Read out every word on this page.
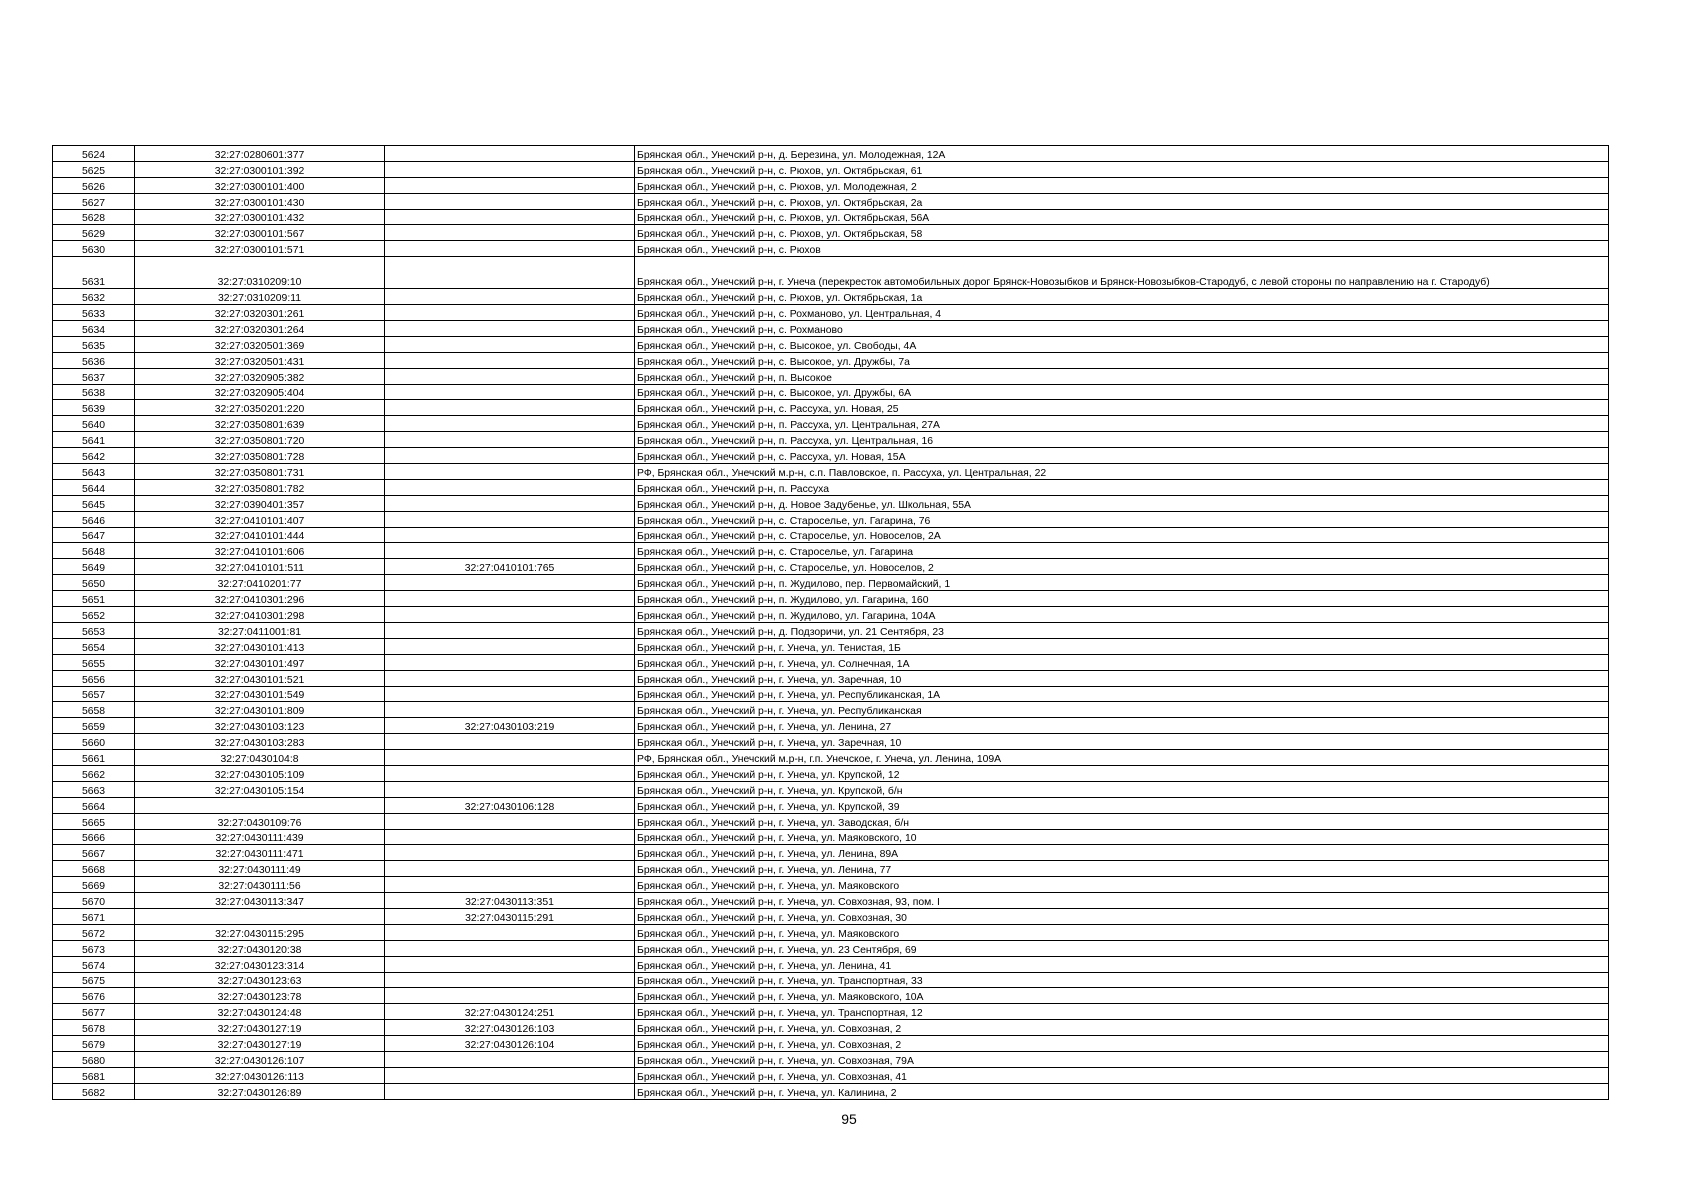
5624	32:27:0280601:377		Брянская обл., Унечский р-н, д. Березина, ул. Молодежная, 12А
5625	32:27:0300101:392		Брянская обл., Унечский р-н, с. Рюхов, ул. Октябрьская, 61
5626	32:27:0300101:400		Брянская обл., Унечский р-н, с. Рюхов, ул. Молодежная, 2
5627	32:27:0300101:430		Брянская обл., Унечский р-н, с. Рюхов, ул. Октябрьская, 2а
5628	32:27:0300101:432		Брянская обл., Унечский р-н, с. Рюхов, ул. Октябрьская, 56А
5629	32:27:0300101:567		Брянская обл., Унечский р-н, с. Рюхов, ул. Октябрьская, 58
5630	32:27:0300101:571		Брянская обл., Унечский р-н, с. Рюхов
5631	32:27:0310209:10		Брянская обл., Унечский р-н, г. Унеча (перекресток автомобильных дорог Брянск-Новозыбков и Брянск-Новозыбков-Стародуб, с левой стороны по направлению на г. Стародуб)
5632	32:27:0310209:11		Брянская обл., Унечский р-н, с. Рюхов, ул. Октябрьская, 1а
5633	32:27:0320301:261		Брянская обл., Унечский р-н, с. Рохманово, ул. Центральная, 4
5634	32:27:0320301:264		Брянская обл., Унечский р-н, с. Рохманово
5635	32:27:0320501:369		Брянская обл., Унечский р-н, с. Высокое, ул. Свободы, 4А
5636	32:27:0320501:431		Брянская обл., Унечский р-н, с. Высокое, ул. Дружбы, 7а
5637	32:27:0320905:382		Брянская обл., Унечский р-н, п. Высокое
5638	32:27:0320905:404		Брянская обл., Унечский р-н, с. Высокое, ул. Дружбы, 6А
5639	32:27:0350201:220		Брянская обл., Унечский р-н, с. Рассуха, ул. Новая, 25
5640	32:27:0350801:639		Брянская обл., Унечский р-н, п. Рассуха, ул. Центральная, 27А
5641	32:27:0350801:720		Брянская обл., Унечский р-н, п. Рассуха, ул. Центральная, 16
5642	32:27:0350801:728		Брянская обл., Унечский р-н, с. Рассуха, ул. Новая, 15А
5643	32:27:0350801:731		РФ, Брянская обл., Унечский м.р-н, с.п. Павловское, п. Рассуха, ул. Центральная, 22
5644	32:27:0350801:782		Брянская обл., Унечский р-н, п. Рассуха
5645	32:27:0390401:357		Брянская обл., Унечский р-н, д. Новое Задубенье, ул. Школьная, 55А
5646	32:27:0410101:407		Брянская обл., Унечский р-н, с. Староселье, ул. Гагарина, 76
5647	32:27:0410101:444		Брянская обл., Унечский р-н, с. Староселье, ул. Новоселов, 2А
5648	32:27:0410101:606		Брянская обл., Унечский р-н, с. Староселье, ул. Гагарина
5649	32:27:0410101:511	32:27:0410101:765	Брянская обл., Унечский р-н, с. Староселье, ул. Новоселов, 2
5650	32:27:0410201:77		Брянская обл., Унечский р-н, п. Жудилово, пер. Первомайский, 1
5651	32:27:0410301:296		Брянская обл., Унечский р-н, п. Жудилово, ул. Гагарина, 160
5652	32:27:0410301:298		Брянская обл., Унечский р-н, п. Жудилово, ул. Гагарина, 104А
5653	32:27:0411001:81		Брянская обл., Унечский р-н, д. Подзоричи, ул. 21 Сентября, 23
5654	32:27:0430101:413		Брянская обл., Унечский р-н, г. Унеча, ул. Тенистая, 1Б
5655	32:27:0430101:497		Брянская обл., Унечский р-н, г. Унеча, ул. Солнечная, 1А
5656	32:27:0430101:521		Брянская обл., Унечский р-н, г. Унеча, ул. Заречная, 10
5657	32:27:0430101:549		Брянская обл., Унечский р-н, г. Унеча, ул. Республиканская, 1А
5658	32:27:0430101:809		Брянская обл., Унечский р-н, г. Унеча, ул. Республиканская
5659	32:27:0430103:123	32:27:0430103:219	Брянская обл., Унечский р-н, г. Унеча, ул. Ленина, 27
5660	32:27:0430103:283		Брянская обл., Унечский р-н, г. Унеча, ул. Заречная, 10
5661	32:27:0430104:8		РФ, Брянская обл., Унечский м.р-н, г.п. Унечское, г. Унеча, ул. Ленина, 109А
5662	32:27:0430105:109		Брянская обл., Унечский р-н, г. Унеча, ул. Крупской, 12
5663	32:27:0430105:154		Брянская обл., Унечский р-н, г. Унеча, ул. Крупской, б/н
5664		32:27:0430106:128	Брянская обл., Унечский р-н, г. Унеча, ул. Крупской, 39
5665	32:27:0430109:76		Брянская обл., Унечский р-н, г. Унеча, ул. Заводская, б/н
5666	32:27:0430111:439		Брянская обл., Унечский р-н, г. Унеча, ул. Маяковского, 10
5667	32:27:0430111:471		Брянская обл., Унечский р-н, г. Унеча, ул. Ленина, 89А
5668	32:27:0430111:49		Брянская обл., Унечский р-н, г. Унеча, ул. Ленина, 77
5669	32:27:0430111:56		Брянская обл., Унечский р-н, г. Унеча, ул. Маяковского
5670	32:27:0430113:347	32:27:0430113:351	Брянская обл., Унечский р-н, г. Унеча, ул. Совхозная, 93, пом. I
5671		32:27:0430115:291	Брянская обл., Унечский р-н, г. Унеча, ул. Совхозная, 30
5672	32:27:0430115:295		Брянская обл., Унечский р-н, г. Унеча, ул. Маяковского
5673	32:27:0430120:38		Брянская обл., Унечский р-н, г. Унеча, ул. 23 Сентября, 69
5674	32:27:0430123:314		Брянская обл., Унечский р-н, г. Унеча, ул. Ленина, 41
5675	32:27:0430123:63		Брянская обл., Унечский р-н, г. Унеча, ул. Транспортная, 33
5676	32:27:0430123:78		Брянская обл., Унечский р-н, г. Унеча, ул. Маяковского, 10А
5677	32:27:0430124:48	32:27:0430124:251	Брянская обл., Унечский р-н, г. Унеча, ул. Транспортная, 12
5678	32:27:0430127:19	32:27:0430126:103	Брянская обл., Унечский р-н, г. Унеча, ул. Совхозная, 2
5679	32:27:0430127:19	32:27:0430126:104	Брянская обл., Унечский р-н, г. Унеча, ул. Совхозная, 2
5680	32:27:0430126:107		Брянская обл., Унечский р-н, г. Унеча, ул. Совхозная, 79А
5681	32:27:0430126:113		Брянская обл., Унечский р-н, г. Унеча, ул. Совхозная, 41
5682	32:27:0430126:89		Брянская обл., Унечский р-н, г. Унеча, ул. Калинина, 2
95
